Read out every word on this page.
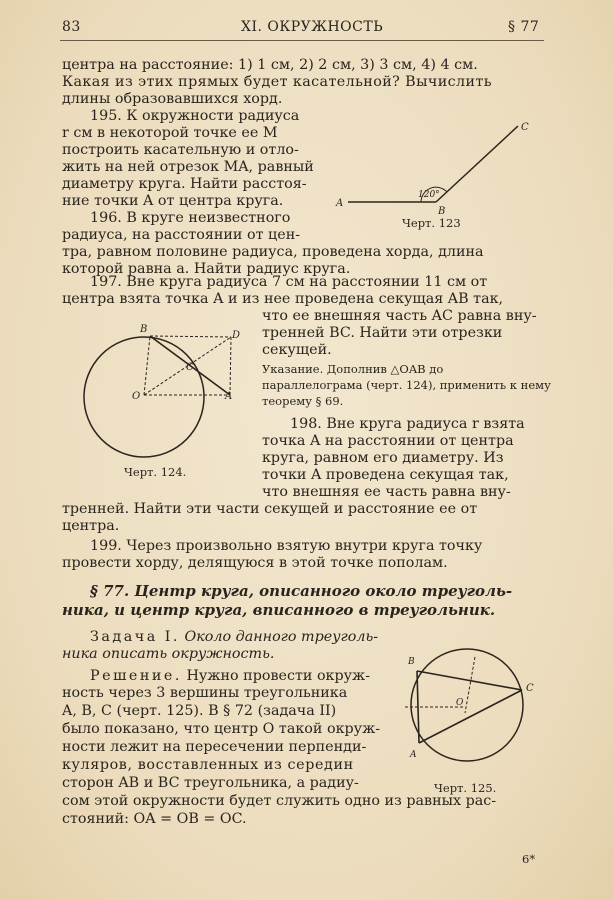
83	XI. ОКРУЖНОСТЬ	§ 77
центра на расстояние: 1) 1 см, 2) 2 см, 3) 3 см, 4) 4 см.
Какая из этих прямых будет касательной? Вычислить
длины образовавшихся хорд.
195. К окружности радиуса
r см в некоторой точке ее M
построить касательную и отло-
жить на ней отрезок MA, равный
диаметру круга. Найти расстоя-
ние точки A от центра круга.
196. В круге неизвестного
радиуса, на расстоянии от цен-
тра, равном половине радиуса, проведена хорда, длина
которой равна a. Найти радиус круга.
120°
A
B
C
Черт. 123
197. Вне круга радиуса 7 см на расстоянии 11 см от
центра взята точка A и из нее проведена секущая AB так,
что ее внешняя часть AC равна вну-
тренней BC. Найти эти отрезки
секущей.
Указание. Дополнив △OAB до
параллелограма (черт. 124), применить к нему
теорему § 69.
B
D
C
O	A
Черт. 124.
198. Вне круга радиуса r взята
точка A на расстоянии от центра
круга, равном его диаметру. Из
точки A проведена секущая так,
что внешняя ее часть равна вну-
тренней. Найти эти части секущей и расстояние ее от
центра.
199. Через произвольно взятую внутри круга точку
провести хорду, делящуюся в этой точке пополам.
§ 77. Центр круга, описанного около треуголь-
ника, и центр круга, вписанного в треугольник.
Задача I. Около данного треуголь-
ника описать окружность.
Решение. Нужно провести окруж-
ность через 3 вершины треугольника
A, B, C (черт. 125). В § 72 (задача II)
было показано, что центр O такой окруж-
ности лежит на пересечении перпенди-
куляров, восставленных из середин
сторон AB и BC треугольника, а радиу-
сом этой окружности будет служить одно из равных рас-
стояний: OA = OB = OC.
B
C
A
O
Черт. 125.
6*
